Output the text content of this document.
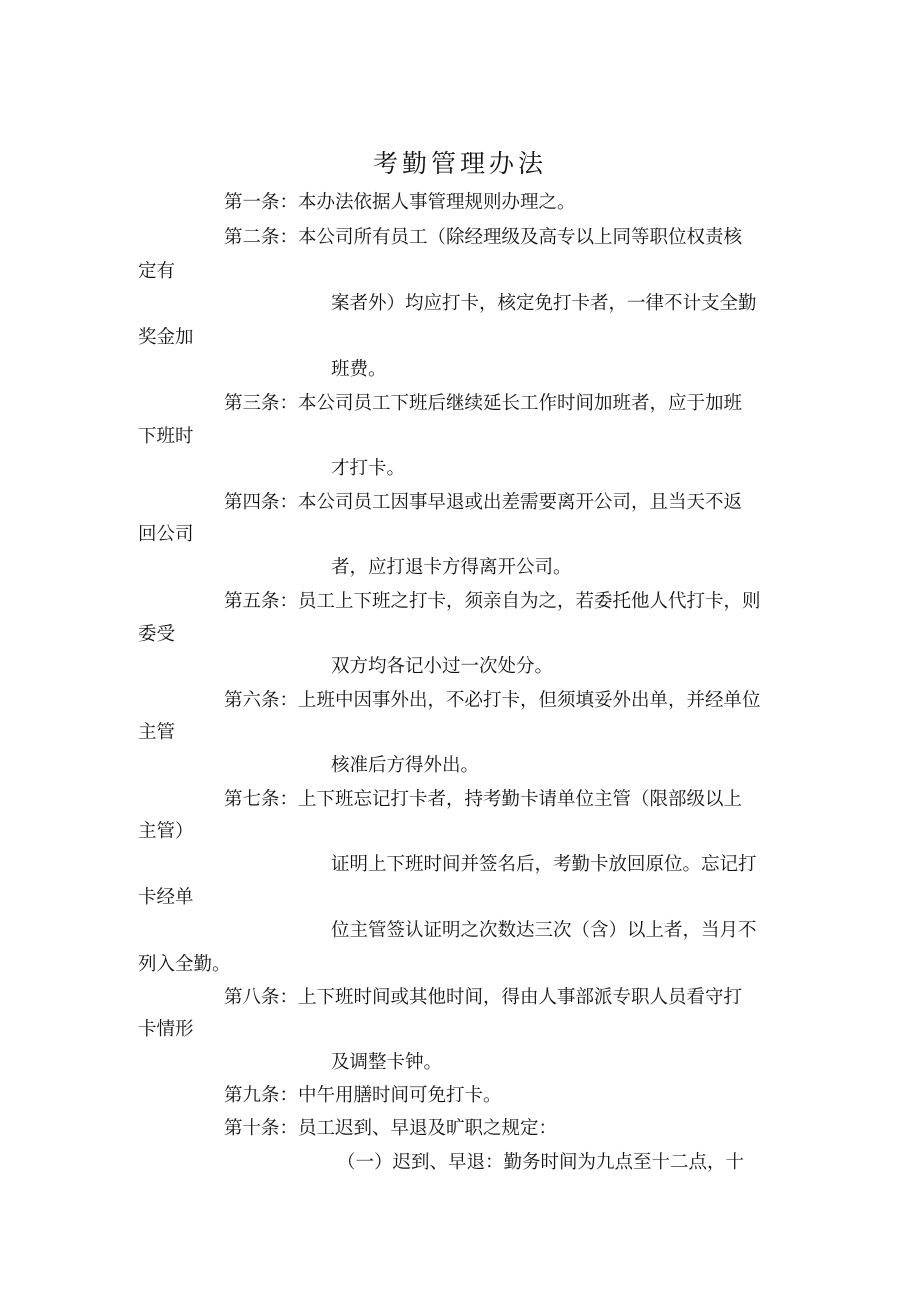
考勤管理办法
第一条：本办法依据人事管理规则办理之。
第二条：本公司所有员工（除经理级及高专以上同等职位权责核
定有
案者外）均应打卡，核定免打卡者，一律不计支全勤
奖金加
班费。
第三条：本公司员工下班后继续延长工作时间加班者，应于加班
下班时
才打卡。
第四条：本公司员工因事早退或出差需要离开公司，且当天不返
回公司
者，应打退卡方得离开公司。
第五条：员工上下班之打卡，须亲自为之，若委托他人代打卡，则
委受
双方均各记小过一次处分。
第六条：上班中因事外出，不必打卡，但须填妥外出单，并经单位
主管
核准后方得外出。
第七条：上下班忘记打卡者，持考勤卡请单位主管（限部级以上
主管）
证明上下班时间并签名后，考勤卡放回原位。忘记打
卡经单
位主管签认证明之次数达三次（含）以上者，当月不
列入全勤。
第八条：上下班时间或其他时间，得由人事部派专职人员看守打
卡情形
及调整卡钟。
第九条：中午用膳时间可免打卡。
第十条：员工迟到、早退及旷职之规定：
（一）迟到、早退：勤务时间为九点至十二点，十
